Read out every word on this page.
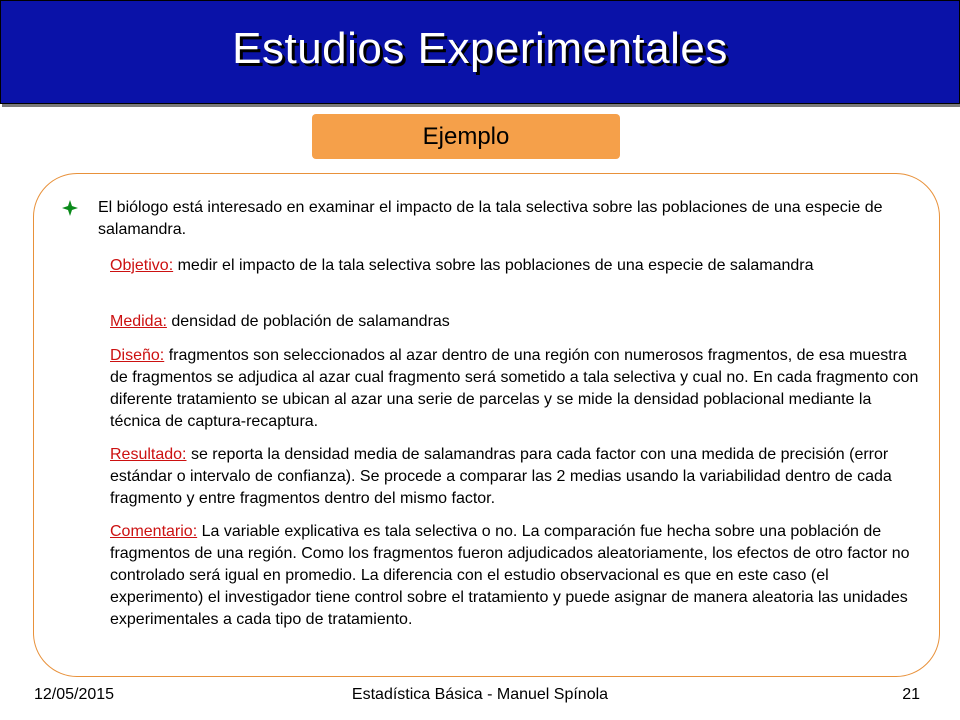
Estudios Experimentales
Ejemplo
El biólogo está interesado en examinar el impacto de la tala selectiva sobre las poblaciones de una especie de salamandra.
Objetivo: medir el impacto de la tala selectiva sobre las poblaciones de una especie de salamandra
Medida: densidad de población de salamandras
Diseño: fragmentos son seleccionados al azar dentro de una región con numerosos fragmentos, de esa muestra de fragmentos se adjudica al azar cual fragmento será sometido a tala selectiva y cual no. En cada fragmento con diferente tratamiento se ubican al azar una serie de parcelas y se mide la densidad poblacional mediante la técnica de captura-recaptura.
Resultado: se reporta la densidad media de salamandras para cada factor con una medida de precisión (error estándar o intervalo de confianza). Se procede a comparar las 2 medias usando la variabilidad dentro de cada fragmento y entre fragmentos dentro del mismo factor.
Comentario: La variable explicativa es tala selectiva o no. La comparación fue hecha sobre una población de fragmentos de una región. Como los fragmentos fueron adjudicados aleatoriamente, los efectos de otro factor no controlado será igual en promedio. La diferencia con el estudio observacional es que en este caso (el experimento) el investigador tiene control sobre el tratamiento y puede asignar de manera aleatoria las unidades experimentales a cada tipo de tratamiento.
12/05/2015	Estadística Básica - Manuel Spínola	21
